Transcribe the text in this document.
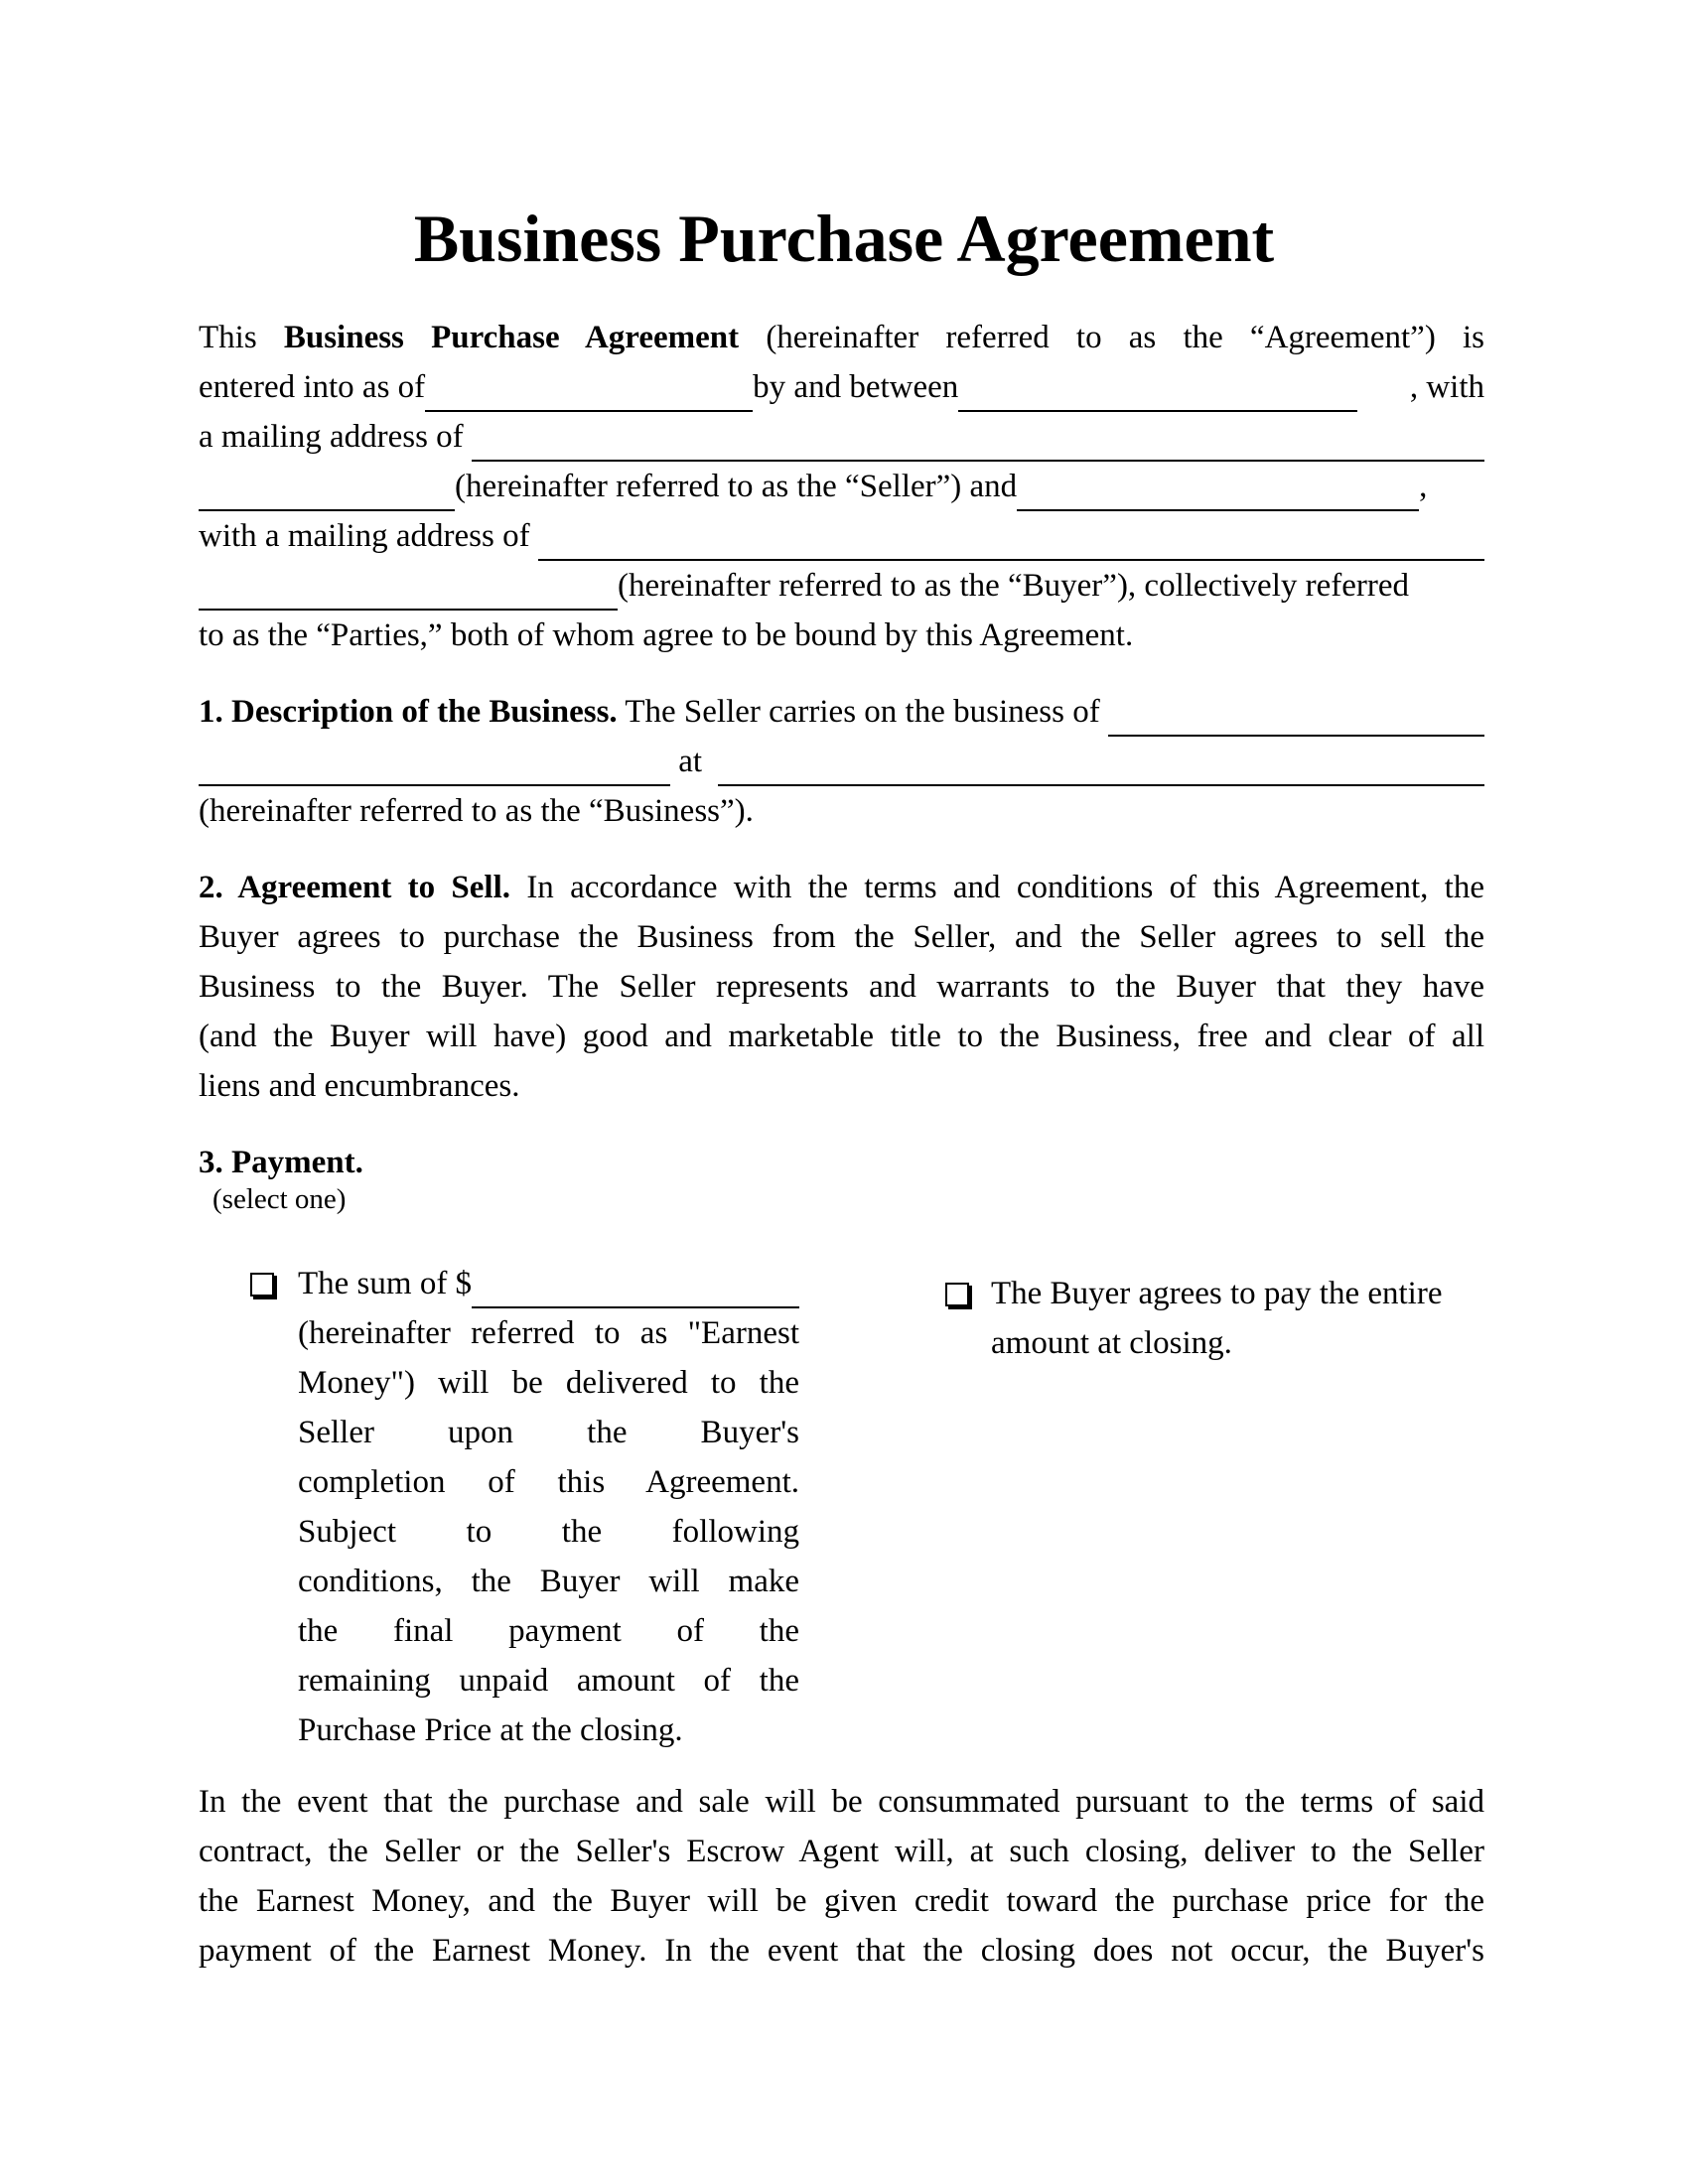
Business Purchase Agreement
This Business Purchase Agreement (hereinafter referred to as the “Agreement”) is
entered into as of	by and between	, with
a mailing address of
(hereinafter referred to as the “Seller”) and	,
with a mailing address of
(hereinafter referred to as the “Buyer”), collectively referred
to as the “Parties,” both of whom agree to be bound by this Agreement.
1. Description of the Business. The Seller carries on the business of
at
(hereinafter referred to as the “Business”).
2. Agreement to Sell. In accordance with the terms and conditions of this Agreement, the
Buyer agrees to purchase the Business from the Seller, and the Seller agrees to sell the
Business to the Buyer. The Seller represents and warrants to the Buyer that they have
(and the Buyer will have) good and marketable title to the Business, free and clear of all
liens and encumbrances.
3. Payment.
(select one)
The sum of $
(hereinafter referred to as "Earnest
Money") will be delivered to the
Seller upon the Buyer's
completion of this Agreement.
Subject to the following
conditions, the Buyer will make
the final payment of the
remaining unpaid amount of the
Purchase Price at the closing.
The Buyer agrees to pay the entire
amount at closing.
In the event that the purchase and sale will be consummated pursuant to the terms of said
contract, the Seller or the Seller's Escrow Agent will, at such closing, deliver to the Seller
the Earnest Money, and the Buyer will be given credit toward the purchase price for the
payment of the Earnest Money. In the event that the closing does not occur, the Buyer's
